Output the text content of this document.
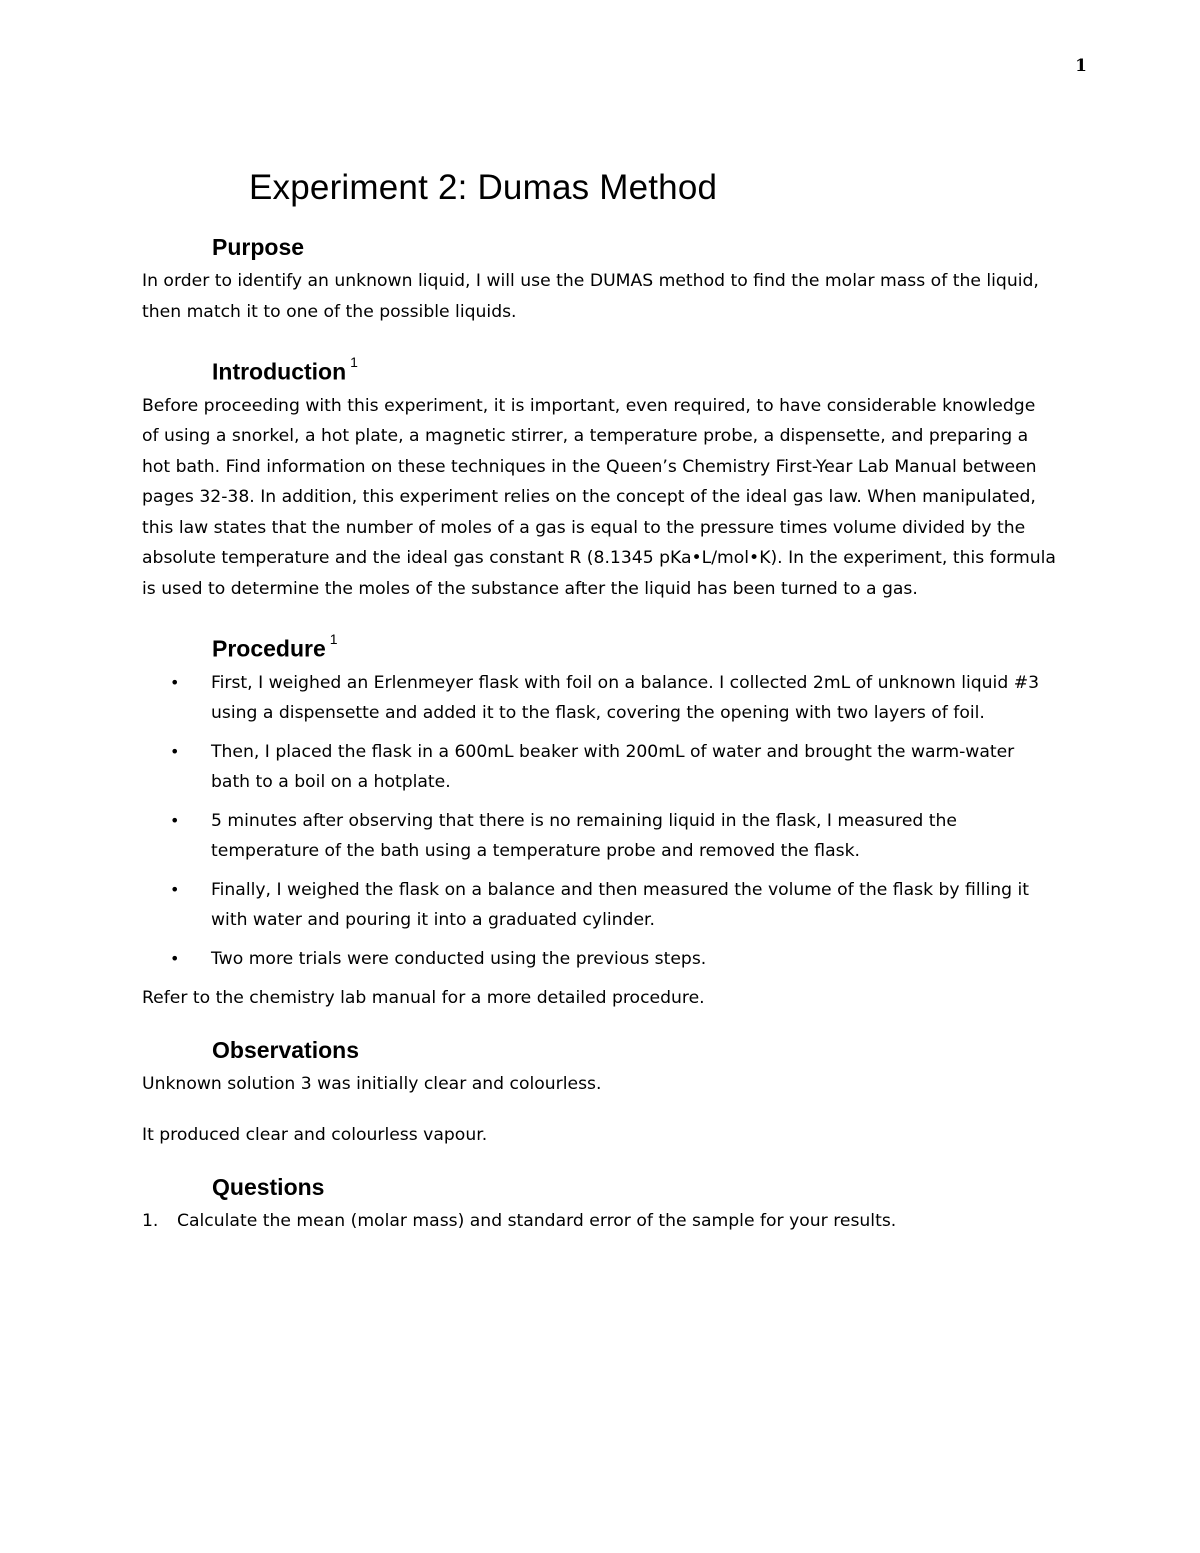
1
Experiment 2: Dumas Method
Purpose

In order to identify an unknown liquid, I will use the DUMAS method to find the molar mass of the liquid, then match it to one of the possible liquids.

Introduction $^1$

Before proceeding with this experiment, it is important, even required, to have considerable knowledge of using a snorkel, a hot plate, a magnetic stirrer, a temperature probe, a dispensette, and preparing a hot bath. Find information on these techniques in the Queen’s Chemistry First-Year Lab Manual between pages 32-38. In addition, this experiment relies on the concept of the ideal gas law. When manipulated, this law states that the number of moles of a gas is equal to the pressure times volume divided by the absolute temperature and the ideal gas constant R (8.1345 pKa•L/mol•K). In the experiment, this formula is used to determine the moles of the substance after the liquid has been turned to a gas.

Procedure $^1$
• First, I weighed an Erlenmeyer flask with foil on a balance. I collected 2mL of unknown liquid #3 using a dispensette and added it to the flask, covering the opening with two layers of foil.
• Then, I placed the flask in a 600mL beaker with 200mL of water and brought the warm-water bath to a boil on a hotplate.
• 5 minutes after observing that there is no remaining liquid in the flask, I measured the temperature of the bath using a temperature probe and removed the flask.
• Finally, I weighed the flask on a balance and then measured the volume of the flask by filling it with water and pouring it into a graduated cylinder.
• Two more trials were conducted using the previous steps.

Refer to the chemistry lab manual for a more detailed procedure.

Observations

Unknown solution 3 was initially clear and colourless.

It produced clear and colourless vapour.

Questions
1. Calculate the mean (molar mass) and standard error of the sample for your results.
